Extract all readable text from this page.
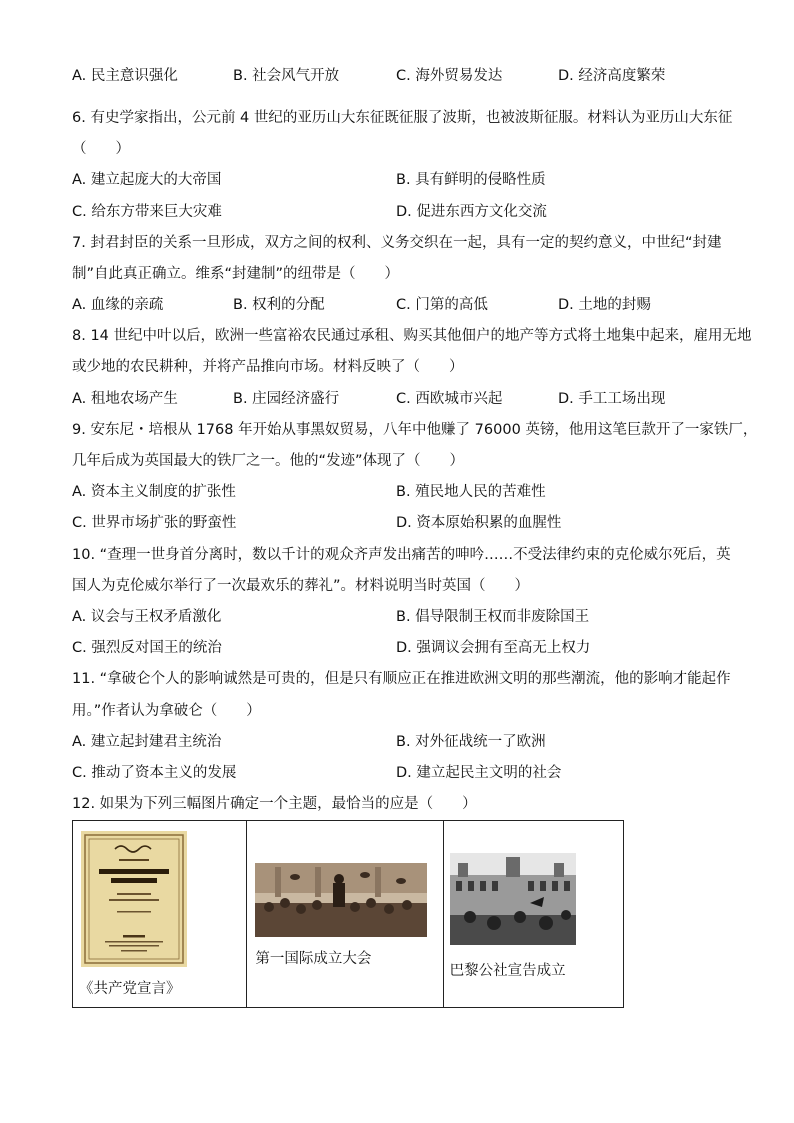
A. 民主意识强化	B. 社会风气开放	C. 海外贸易发达	D. 经济高度繁荣
6. 有史学家指出，公元前 4 世纪的亚历山大东征既征服了波斯，也被波斯征服。材料认为亚历山大东征
（　　）
A. 建立起庞大的大帝国	B. 具有鲜明的侵略性质
C. 给东方带来巨大灾难	D. 促进东西方文化交流
7. 封君封臣的关系一旦形成，双方之间的权利、义务交织在一起，具有一定的契约意义，中世纪“封建
制”自此真正确立。维系“封建制”的纽带是（　　）
A. 血缘的亲疏	B. 权利的分配	C. 门第的高低	D. 土地的封赐
8. 14 世纪中叶以后，欧洲一些富裕农民通过承租、购买其他佃户的地产等方式将土地集中起来，雇用无地
或少地的农民耕种，并将产品推向市场。材料反映了（　　）
A. 租地农场产生	B. 庄园经济盛行	C. 西欧城市兴起	D. 手工工场出现
9. 安东尼・培根从 1768 年开始从事黑奴贸易，八年中他赚了 76000 英镑，他用这笔巨款开了一家铁厂，
几年后成为英国最大的铁厂之一。他的“发迹”体现了（　　）
A. 资本主义制度的扩张性	B. 殖民地人民的苦难性
C. 世界市场扩张的野蛮性	D. 资本原始积累的血腥性
10. “查理一世身首分离时，数以千计的观众齐声发出痛苦的呻吟……不受法律约束的克伦威尔死后，英
国人为克伦威尔举行了一次最欢乐的葬礼”。材料说明当时英国（　　）
A. 议会与王权矛盾激化	B. 倡导限制王权而非废除国王
C. 强烈反对国王的统治	D. 强调议会拥有至高无上权力
11. “拿破仑个人的影响诚然是可贵的，但是只有顺应正在推进欧洲文明的那些潮流，他的影响才能起作
用。”作者认为拿破仑（　　）
A. 建立起封建君主统治	B. 对外征战统一了欧洲
C. 推动了资本主义的发展	D. 建立起民主文明的社会
12. 如果为下列三幅图片确定一个主题，最恰当的应是（　　）
《共产党宣言》

第一国际成立大会

巴黎公社宣告成立
